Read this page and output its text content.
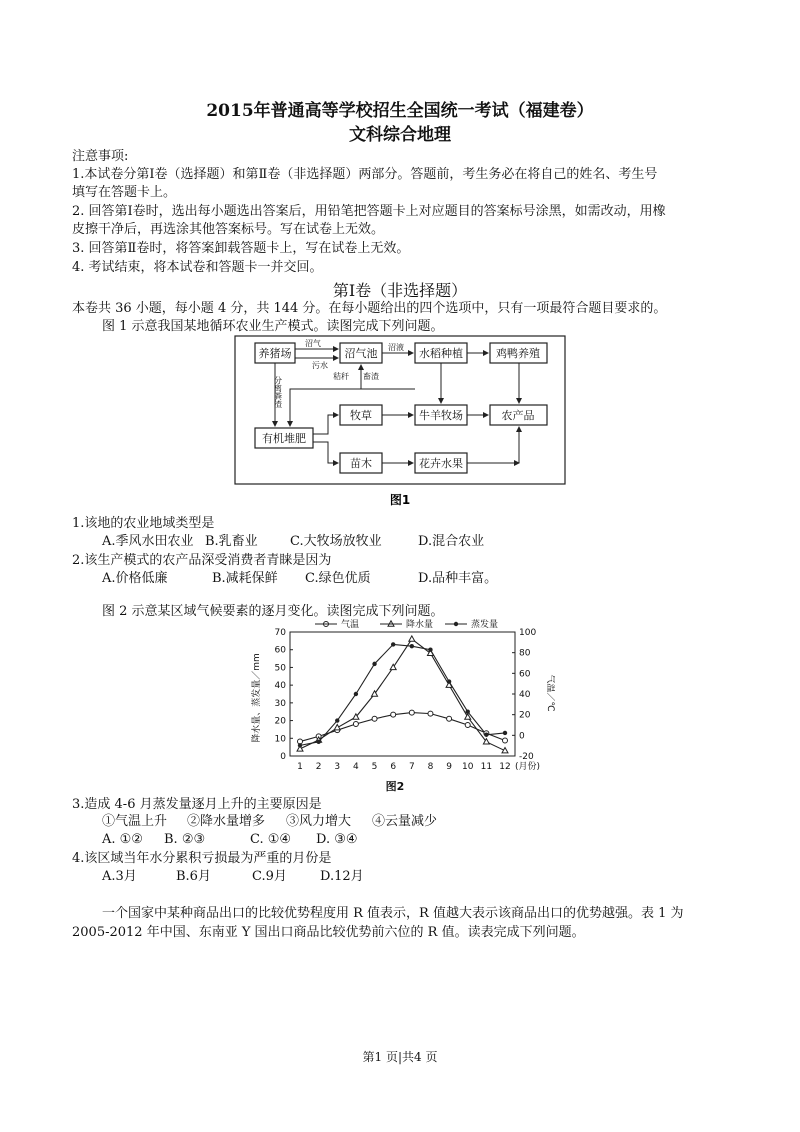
2015年普通高等学校招生全国统一考试（福建卷）
文科综合地理
注意事项:
1.本试卷分第Ⅰ卷（选择题）和第Ⅱ卷（非选择题）两部分。答题前，考生务必在将自己的姓名、考生号
填写在答题卡上。
2. 回答第Ⅰ卷时，选出每小题选出答案后，用铅笔把答题卡上对应题目的答案标号涂黑，如需改动，用橡
皮擦干净后，再选涂其他答案标号。写在试卷上无效。
3. 回答第Ⅱ卷时，将答案卸载答题卡上，写在试卷上无效。
4. 考试结束，将本试卷和答题卡一并交回。
第Ⅰ卷（非选择题）
本卷共 36 小题，每小题 4 分，共 144 分。在每小题给出的四个选项中，只有一项最符合题目要求的。
图 1 示意我国某地循环农业生产模式。读图完成下列问题。
养猪场	沼气池	水稻种植	鸡鸭养殖
牧草	牛羊牧场	农产品
有机堆肥
苗木	花卉水果
沼气
污水
沼液
秸秆 畜渣
分离粪渣
图1
1.该地的农业地域类型是
A.季风水田农业 B.乳畜业 C.大牧场放牧业	D.混合农业
2.该生产模式的农产品深受消费者青睐是因为
A.价格低廉	B.减耗保鲜 C.绿色优质	D.品种丰富。
图 2 示意某区域气候要素的逐月变化。读图完成下列问题。
0
10
20
30
40
50
60
70
-20
0
20
40
60
80
100
1 2 3 4 5 6 7 8 9 10 11 12
气温	降水量	蒸发量
降水量、蒸发量／mm	气温／℃
(月份)
图2
3.造成 4-6 月蒸发量逐月上升的主要原因是
①气温上升 ②降水量增多 ③风力增大 ④云量减少
A. ①② B. ②③	C. ①④ D. ③④
4.该区域当年水分累积亏损最为严重的月份是
A.3月	B.6月	C.9月	D.12月
一个国家中某种商品出口的比较优势程度用 R 值表示，R 值越大表示该商品出口的优势越强。表 1 为
2005-2012 年中国、东南亚 Y 国出口商品比较优势前六位的 R 值。读表完成下列问题。
第1 页|共4 页
